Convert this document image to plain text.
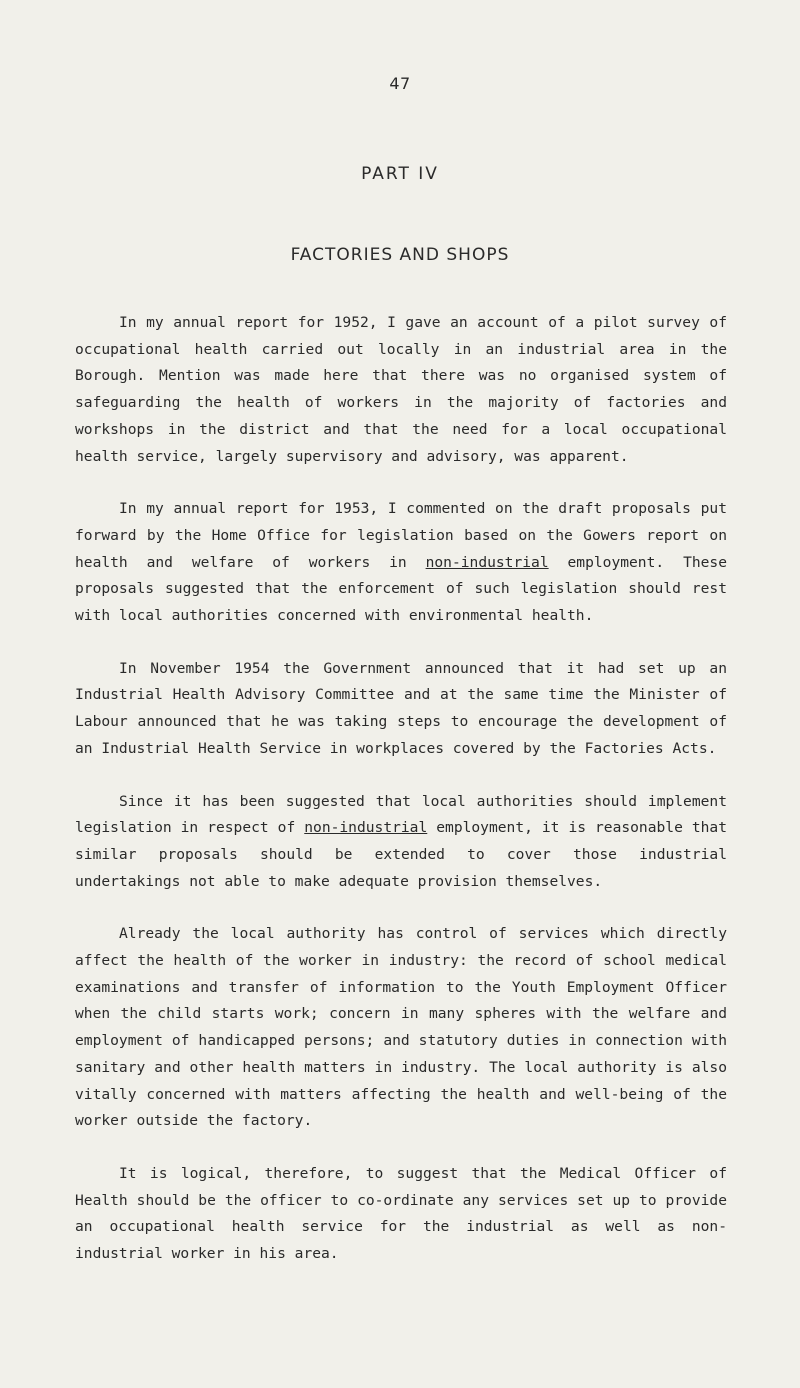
47
PART IV
FACTORIES AND SHOPS

In my annual report for 1952, I gave an account of a pilot survey of occupational health carried out locally in an industrial area in the Borough. Mention was made here that there was no organised system of safeguarding the health of workers in the majority of factories and workshops in the district and that the need for a local occupational health service, largely supervisory and advisory, was apparent.

In my annual report for 1953, I commented on the draft proposals put forward by the Home Office for legislation based on the Gowers report on health and welfare of workers in non-industrial employment. These proposals suggested that the enforcement of such legislation should rest with local authorities concerned with environmental health.

In November 1954 the Government announced that it had set up an Industrial Health Advisory Committee and at the same time the Minister of Labour announced that he was taking steps to encourage the development of an Industrial Health Service in workplaces covered by the Factories Acts.

Since it has been suggested that local authorities should implement legislation in respect of non-industrial employment, it is reasonable that similar proposals should be extended to cover those industrial undertakings not able to make adequate provision themselves.

Already the local authority has control of services which directly affect the health of the worker in industry: the record of school medical examinations and transfer of information to the Youth Employment Officer when the child starts work; concern in many spheres with the welfare and employment of handicapped persons; and statutory duties in connection with sanitary and other health matters in industry. The local authority is also vitally concerned with matters affecting the health and well-being of the worker outside the factory.

It is logical, therefore, to suggest that the Medical Officer of Health should be the officer to co-ordinate any services set up to provide an occupational health service for the industrial as well as non-industrial worker in his area.
